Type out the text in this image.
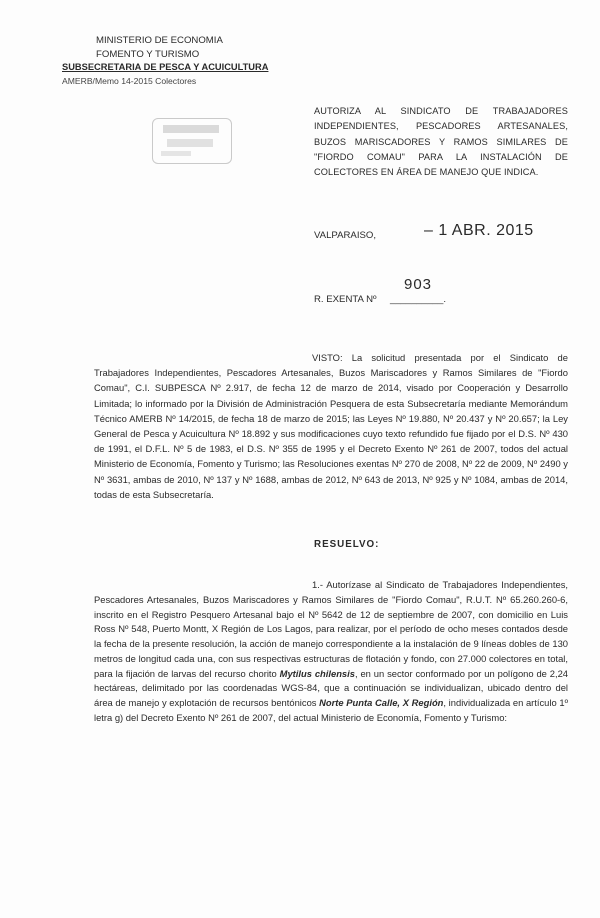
MINISTERIO DE ECONOMIA
FOMENTO Y TURISMO
SUBSECRETARIA DE PESCA Y ACUICULTURA
AMERB/Memo 14-2015 Colectores
AUTORIZA AL SINDICATO DE TRABAJADORES INDEPENDIENTES, PESCADORES ARTESANALES, BUZOS MARISCADORES Y RAMOS SIMILARES DE "FIORDO COMAU" PARA LA INSTALACIÓN DE COLECTORES EN ÁREA DE MANEJO QUE INDICA.
VALPARAISO,	– 1 ABR. 2015
903
R. EXENTA Nº __________.
VISTO: La solicitud presentada por el Sindicato de Trabajadores Independientes, Pescadores Artesanales, Buzos Mariscadores y Ramos Similares de "Fiordo Comau", C.I. SUBPESCA Nº 2.917, de fecha 12 de marzo de 2014, visado por Cooperación y Desarrollo Limitada; lo informado por la División de Administración Pesquera de esta Subsecretaría mediante Memorándum Técnico AMERB Nº 14/2015, de fecha 18 de marzo de 2015; las Leyes Nº 19.880, Nº 20.437 y Nº 20.657; la Ley General de Pesca y Acuicultura Nº 18.892 y sus modificaciones cuyo texto refundido fue fijado por el D.S. Nº 430 de 1991, el D.F.L. Nº 5 de 1983, el D.S. Nº 355 de 1995 y el Decreto Exento Nº 261 de 2007, todos del actual Ministerio de Economía, Fomento y Turismo; las Resoluciones exentas Nº 270 de 2008, Nº 22 de 2009, Nº 2490 y Nº 3631, ambas de 2010, Nº 137 y Nº 1688, ambas de 2012, Nº 643 de 2013, Nº 925 y Nº 1084, ambas de 2014, todas de esta Subsecretaría.
RESUELVO:
1.- Autorízase al Sindicato de Trabajadores Independientes, Pescadores Artesanales, Buzos Mariscadores y Ramos Similares de "Fiordo Comau", R.U.T. Nº 65.260.260-6, inscrito en el Registro Pesquero Artesanal bajo el Nº 5642 de 12 de septiembre de 2007, con domicilio en Luis Ross Nº 548, Puerto Montt, X Región de Los Lagos, para realizar, por el período de ocho meses contados desde la fecha de la presente resolución, la acción de manejo correspondiente a la instalación de 9 líneas dobles de 130 metros de longitud cada una, con sus respectivas estructuras de flotación y fondo, con 27.000 colectores en total, para la fijación de larvas del recurso chorito Mytilus chilensis, en un sector conformado por un polígono de 2,24 hectáreas, delimitado por las coordenadas WGS-84, que a continuación se individualizan, ubicado dentro del área de manejo y explotación de recursos bentónicos Norte Punta Calle, X Región, individualizada en artículo 1º letra g) del Decreto Exento Nº 261 de 2007, del actual Ministerio de Economía, Fomento y Turismo:
